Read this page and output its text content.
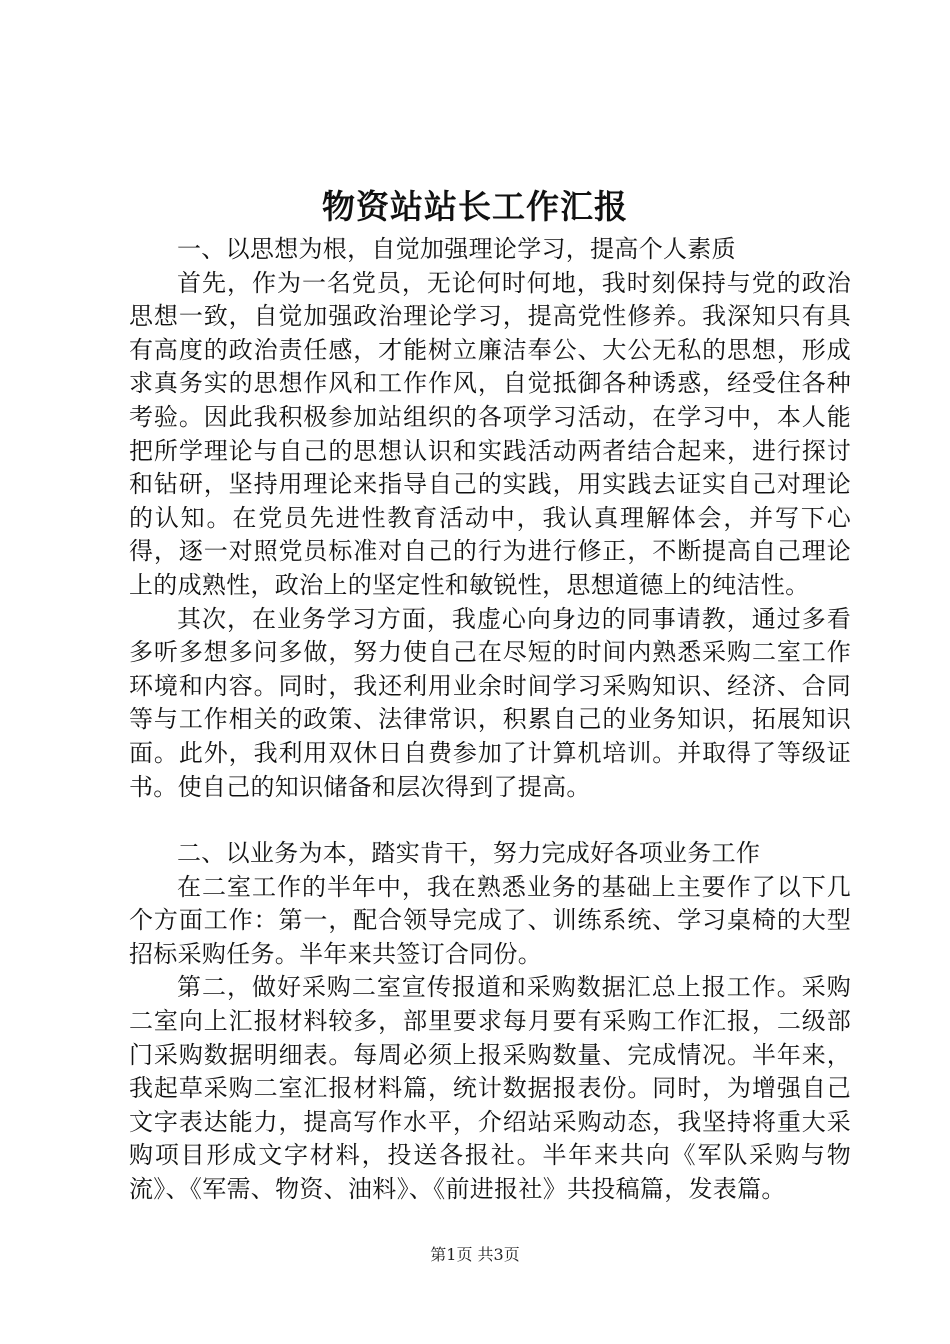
物资站站长工作汇报

一、以思想为根，自觉加强理论学习，提高个人素质

首先，作为一名党员，无论何时何地，我时刻保持与党的政治思想一致，自觉加强政治理论学习，提高党性修养。我深知只有具有高度的政治责任感，才能树立廉洁奉公、大公无私的思想，形成求真务实的思想作风和工作作风，自觉抵御各种诱惑，经受住各种考验。因此我积极参加站组织的各项学习活动，在学习中，本人能把所学理论与自己的思想认识和实践活动两者结合起来，进行探讨和钻研，坚持用理论来指导自己的实践，用实践去证实自己对理论的认知。在党员先进性教育活动中，我认真理解体会，并写下心得，逐一对照党员标准对自己的行为进行修正，不断提高自己理论上的成熟性，政治上的坚定性和敏锐性，思想道德上的纯洁性。

其次，在业务学习方面，我虚心向身边的同事请教，通过多看多听多想多问多做，努力使自己在尽短的时间内熟悉采购二室工作环境和内容。同时，我还利用业余时间学习采购知识、经济、合同等与工作相关的政策、法律常识，积累自己的业务知识，拓展知识面。此外，我利用双休日自费参加了计算机培训。并取得了等级证书。使自己的知识储备和层次得到了提高。

二、以业务为本，踏实肯干，努力完成好各项业务工作

在二室工作的半年中，我在熟悉业务的基础上主要作了以下几个方面工作：第一，配合领导完成了、训练系统、学习桌椅的大型招标采购任务。半年来共签订合同份。

第二，做好采购二室宣传报道和采购数据汇总上报工作。采购二室向上汇报材料较多，部里要求每月要有采购工作汇报，二级部门采购数据明细表。每周必须上报采购数量、完成情况。半年来，我起草采购二室汇报材料篇，统计数据报表份。同时，为增强自己文字表达能力，提高写作水平，介绍站采购动态，我坚持将重大采购项目形成文字材料，投送各报社。半年来共向《军队采购与物流》、《军需、物资、油料》、《前进报社》共投稿篇，发表篇。

第1页 共3页
